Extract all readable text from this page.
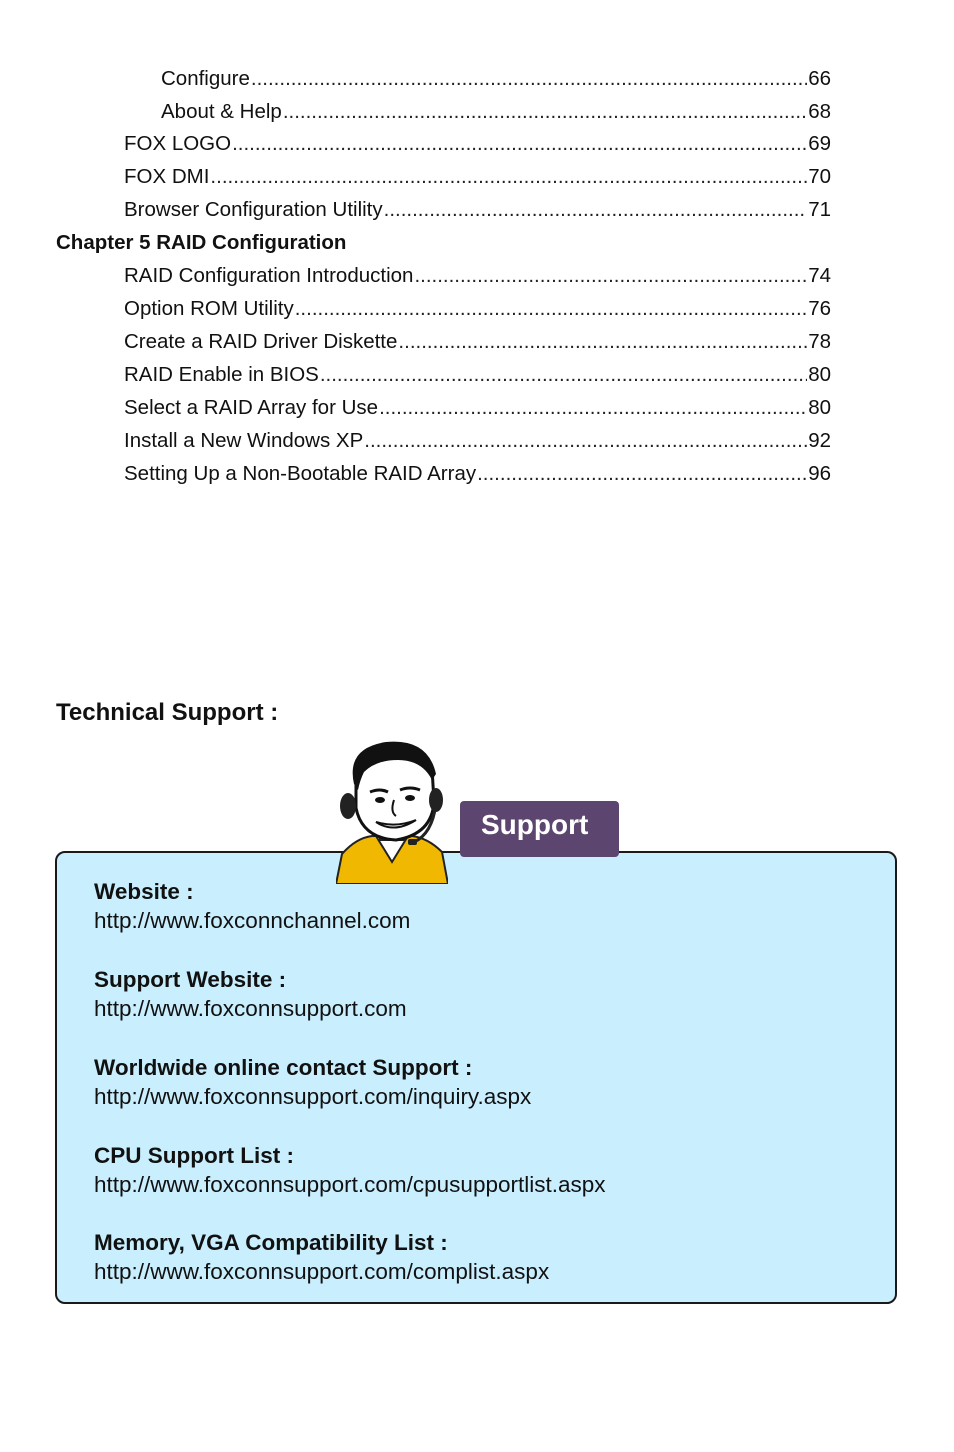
Configure .....	66
About & Help .....	68
FOX LOGO .....	69
FOX DMI .....	70
Browser Configuration Utility .....	71
Chapter 5 RAID Configuration
RAID Configuration Introduction .....	74
Option ROM Utility .....	76
Create a RAID Driver Diskette .....	78
RAID Enable in BIOS .....	80
Select a RAID Array for Use .....	80
Install a New Windows XP .....	92
Setting Up a Non-Bootable RAID Array .....	96
Technical Support :
Support
Website :
http://www.foxconnchannel.com
Support Website :
http://www.foxconnsupport.com
Worldwide online contact Support :
http://www.foxconnsupport.com/inquiry.aspx
CPU Support List :
http://www.foxconnsupport.com/cpusupportlist.aspx
Memory, VGA Compatibility List :
http://www.foxconnsupport.com/complist.aspx
